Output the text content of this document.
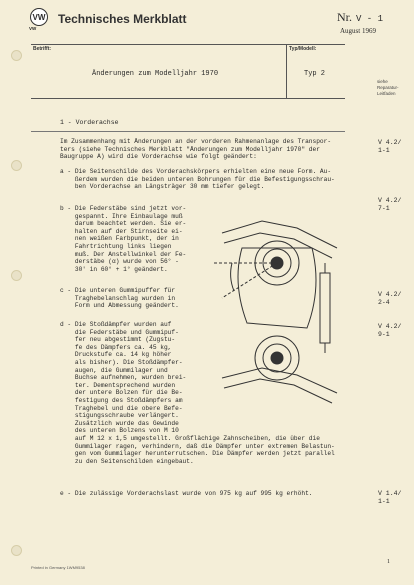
VW
VW
Technisches Merkblatt	Nr. V - 1
August 1969
Betrifft:	Typ/Modell:
Änderungen zum Modelljahr 1970	Typ 2
siehe
Reparatur-
Leitfaden
1 - Vorderachse
Im Zusammenhang mit Änderungen an der vorderen Rahmenanlage des Transpor-
ters (siehe Technisches Merkblatt "Änderungen zum Modelljahr 1970" der
Baugruppe A) wird die Vorderachse wie folgt geändert:
a - Die Seitenschilde des Vorderachskörpers erhielten eine neue Form. Au-
ßerdem wurden die beiden unteren Bohrungen für die Befestigungsschrau-
ben Vorderachse an Längsträger 30 mm tiefer gelegt.
b - Die Federstäbe sind jetzt vor-
gespannt. Ihre Einbaulage muß
darum beachtet werden. Sie er-
halten auf der Stirnseite ei-
nen weißen Farbpunkt, der in
Fahrtrichtung links liegen
muß. Der Anstellwinkel der Fe-
derstäbe (α) wurde von 56° -
30' in 60° + 1° geändert.
c - Die unteren Gummipuffer für
Traghebelanschlag wurden in
Form und Abmessung geändert.
d - Die Stoßdämpfer wurden auf
die Federstäbe und Gummipuf-
fer neu abgestimmt (Zugstu-
fe des Dämpfers ca. 45 kg,
Druckstufe ca. 14 kg höher
als bisher). Die Stoßdämpfer-
augen, die Gummilager und
Buchse aufnehmen, wurden brei-
ter. Dementsprechend wurden
der untere Bolzen für die Be-
festigung des Stoßdämpfers am
Traghebel und die obere Befe-
stigungsschraube verlängert.
Zusätzlich wurde das Gewinde
des unteren Bolzens von M 10
auf M 12 x 1,5 umgestellt. Großflächige Zahnscheiben, die über die
Gummilager ragen, verhindern, daß die Dämpfer unter extremen Belastun-
gen vom Gummilager herunterrutschen. Die Dämpfer werden jetzt parallel
zu den Seitenschilden eingebaut.
e - Die zulässige Vorderachslast wurde von 975 kg auf 995 kg erhöht.
V 4.2/
1-1
V 4.2/
7-1
V 4.2/
2-4
V 4.2/
9-1
V 1.4/
1-1
Printed in Germany 1WM9538
1
